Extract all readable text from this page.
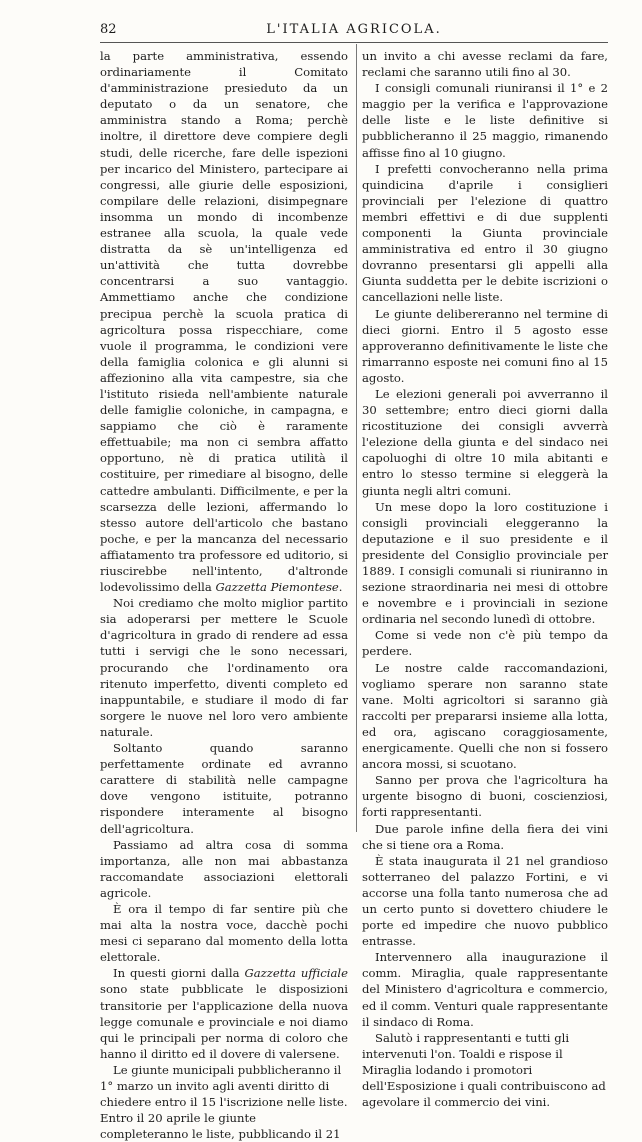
82	L'ITALIA AGRICOLA.

la parte amministrativa, essendo ordinariamente il Comitato d'amministrazione presieduto da un deputato o da un senatore, che amministra stando a Roma; perchè inoltre, il direttore deve compiere degli studi, delle ricerche, fare delle ispezioni per incarico del Ministero, partecipare ai congressi, alle giurie delle esposizioni, compilare delle relazioni, disimpegnare insomma un mondo di incombenze estranee alla scuola, la quale vede distratta da sè un'intelligenza ed un'attività che tutta dovrebbe concentrarsi a suo vantaggio. Ammettiamo anche che condizione precipua perchè la scuola pratica di agricoltura possa rispecchiare, come vuole il programma, le condizioni vere della famiglia colonica e gli alunni si affezionino alla vita campestre, sia che l'istituto risieda nell'ambiente naturale delle famiglie coloniche, in campagna, e sappiamo che ciò è raramente effettuabile; ma non ci sembra affatto opportuno, nè di pratica utilità il costituire, per rimediare al bisogno, delle cattedre ambulanti. Difficilmente, e per la scarsezza delle lezioni, affermando lo stesso autore dell'articolo che bastano poche, e per la mancanza del necessario affiatamento tra professore ed uditorio, si riuscirebbe nell'intento, d'altronde lodevolissimo della Gazzetta Piemontese.

Noi crediamo che molto miglior partito sia adoperarsi per mettere le Scuole d'agricoltura in grado di rendere ad essa tutti i servigi che le sono necessari, procurando che l'ordinamento ora ritenuto imperfetto, diventi completo ed inappuntabile, e studiare il modo di far sorgere le nuove nel loro vero ambiente naturale.

Soltanto quando saranno perfettamente ordinate ed avranno carattere di stabilità nelle campagne dove vengono istituite, potranno rispondere interamente al bisogno dell'agricoltura.

Passiamo ad altra cosa di somma importanza, alle non mai abbastanza raccomandate associazioni elettorali agricole.

È ora il tempo di far sentire più che mai alta la nostra voce, dacchè pochi mesi ci separano dal momento della lotta elettorale.

In questi giorni dalla Gazzetta ufficiale sono state pubblicate le disposizioni transitorie per l'applicazione della nuova legge comunale e provinciale e noi diamo qui le principali per norma di coloro che hanno il diritto ed il dovere di valersene.

Le giunte municipali pubblicheranno il 1° marzo un invito agli aventi diritto di chiedere entro il 15 l'iscrizione nelle liste. Entro il 20 aprile le giunte completeranno le liste, pubblicando il 21

un invito a chi avesse reclami da fare, reclami che saranno utili fino al 30.

I consigli comunali riuniransi il 1° e 2 maggio per la verifica e l'approvazione delle liste e le liste definitive si pubblicheranno il 25 maggio, rimanendo affisse fino al 10 giugno.

I prefetti convocheranno nella prima quindicina d'aprile i consiglieri provinciali per l'elezione di quattro membri effettivi e di due supplenti componenti la Giunta provinciale amministrativa ed entro il 30 giugno dovranno presentarsi gli appelli alla Giunta suddetta per le debite iscrizioni o cancellazioni nelle liste.

Le giunte delibereranno nel termine di dieci giorni. Entro il 5 agosto esse approveranno definitivamente le liste che rimarranno esposte nei comuni fino al 15 agosto.

Le elezioni generali poi avverranno il 30 settembre; entro dieci giorni dalla ricostituzione dei consigli avverrà l'elezione della giunta e del sindaco nei capoluoghi di oltre 10 mila abitanti e entro lo stesso termine si eleggerà la giunta negli altri comuni.

Un mese dopo la loro costituzione i consigli provinciali eleggeranno la deputazione e il suo presidente e il presidente del Consiglio provinciale per 1889. I consigli comunali si riuniranno in sezione straordinaria nei mesi di ottobre e novembre e i provinciali in sezione ordinaria nel secondo lunedì di ottobre.

Come si vede non c'è più tempo da perdere.

Le nostre calde raccomandazioni, vogliamo sperare non saranno state vane. Molti agricoltori si saranno già raccolti per prepararsi insieme alla lotta, ed ora, agiscano coraggiosamente, energicamente. Quelli che non si fossero ancora mossi, si scuotano.

Sanno per prova che l'agricoltura ha urgente bisogno di buoni, coscienziosi, forti rappresentanti.

Due parole infine della fiera dei vini che si tiene ora a Roma.

È stata inaugurata il 21 nel grandioso sotterraneo del palazzo Fortini, e vi accorse una folla tanto numerosa che ad un certo punto si dovettero chiudere le porte ed impedire che nuovo pubblico entrasse.

Intervennero alla inaugurazione il comm. Miraglia, quale rappresentante del Ministero d'agricoltura e commercio, ed il comm. Venturi quale rappresentante il sindaco di Roma.

Salutò i rappresentanti e tutti gli intervenuti l'on. Toaldi e rispose il Miraglia lodando i promotori dell'Esposizione i quali contribuiscono ad agevolare il commercio dei vini.
